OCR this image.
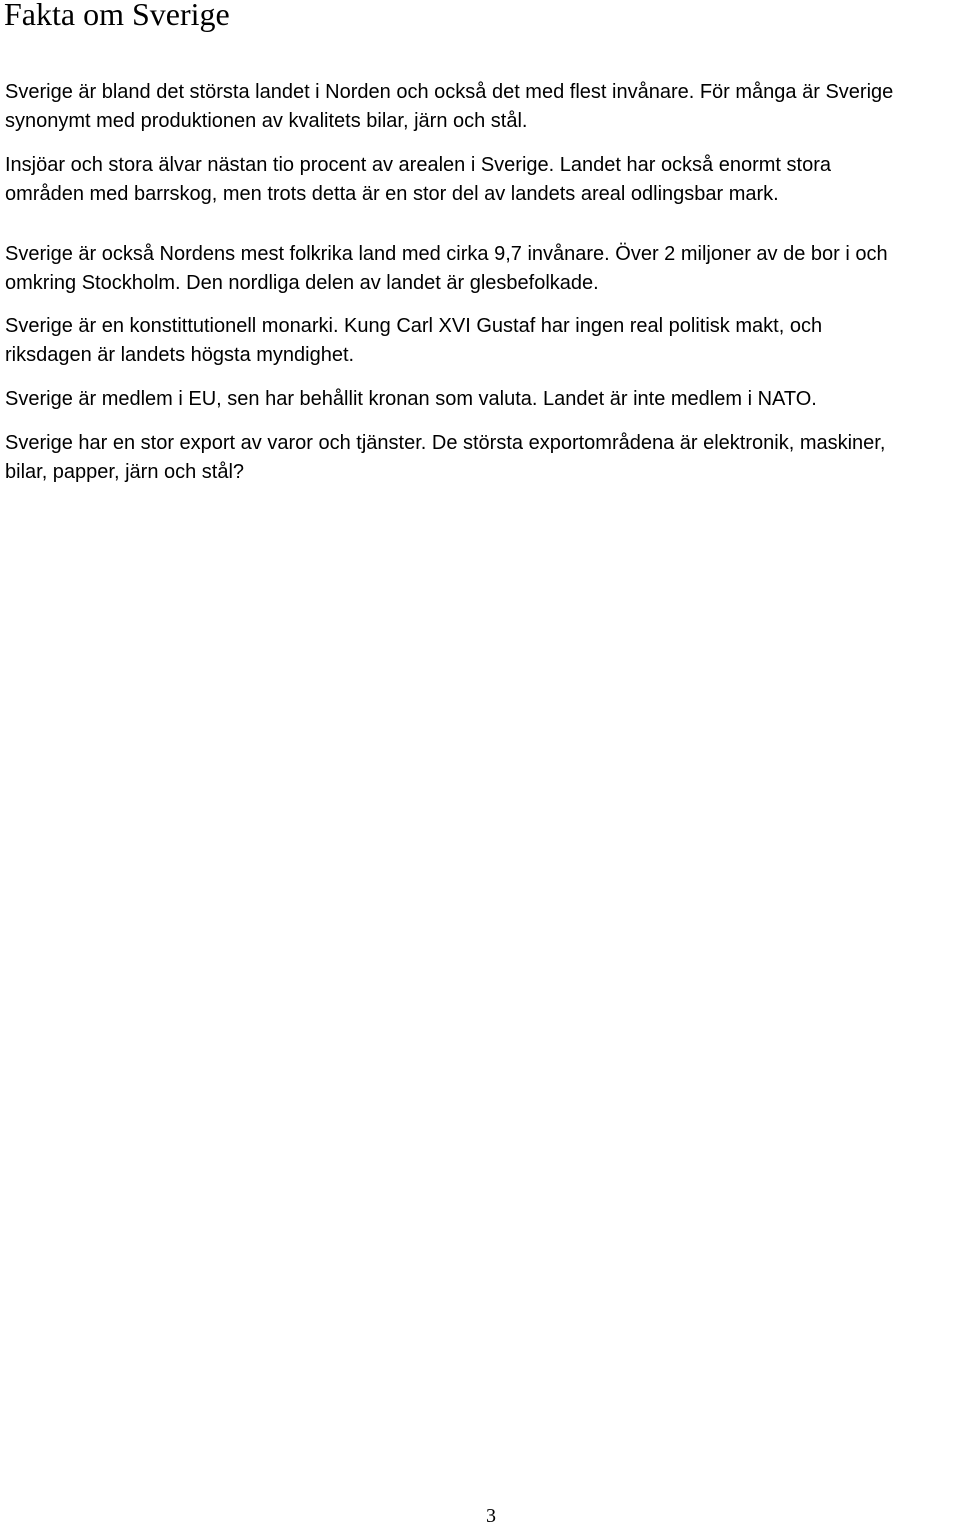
Fakta om Sverige

Sverige är bland det största landet i Norden och också det med flest invånare. För många är Sverige
synonymt med produktionen av kvalitets bilar, järn och stål.

Insjöar och stora älvar nästan tio procent av arealen i Sverige. Landet har också enormt stora
områden med barrskog, men trots detta är en stor del av landets areal odlingsbar mark.

Sverige är också Nordens mest folkrika land med cirka 9,7 invånare. Över 2 miljoner av de bor i och
omkring Stockholm. Den nordliga delen av landet är glesbefolkade.

Sverige är en konstittutionell monarki. Kung Carl XVI Gustaf har ingen real politisk makt, och
riksdagen är landets högsta myndighet.

Sverige är medlem i EU, sen har behållit kronan som valuta. Landet är inte medlem i NATO.

Sverige har en stor export av varor och tjänster. De största exportområdena är elektronik, maskiner,
bilar, papper, järn och stål?

3
